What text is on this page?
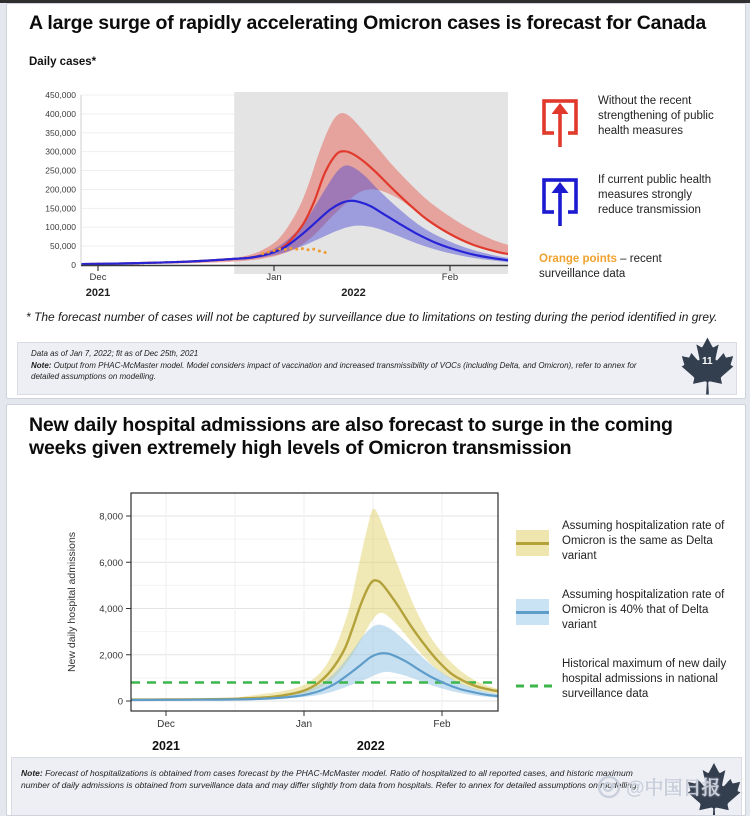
A large surge of rapidly accelerating Omicron cases is forecast for Canada
Daily cases*
0
50,000
100,000
150,000
200,000
250,000
300,000
350,000
400,000
450,000
Dec	Jan	Feb
2021	2022
Without the recent strengthening of public health measures
If current public health measures strongly reduce transmission
Orange points – recent surveillance data
* The forecast number of cases will not be captured by surveillance due to limitations on testing during the period identified in grey.
Data as of Jan 7, 2022; fit as of Dec 25th, 2021
Note: Output from PHAC-McMaster model. Model considers impact of vaccination and increased transmissibility of VOCs (including Delta, and Omicron), refer to annex for detailed assumptions on modelling.
11
New daily hospital admissions are also forecast to surge in the coming weeks given extremely high levels of Omicron transmission
0
2,000
4,000
6,000
8,000
Dec	Jan	Feb
2021	2022
New daily hospital admissions
Assuming hospitalization rate of Omicron is the same as Delta variant
Assuming hospitalization rate of Omicron is 40% that of Delta variant
Historical maximum of new daily hospital admissions in national surveillance data
Note: Forecast of hospitalizations is obtained from cases forecast by the PHAC-McMaster model. Ratio of hospitalized to all reported cases, and historic maximum number of daily admissions is obtained from surveillance data and may differ slightly from data from hospitals. Refer to annex for detailed assumptions on modelling.
@中国日报
